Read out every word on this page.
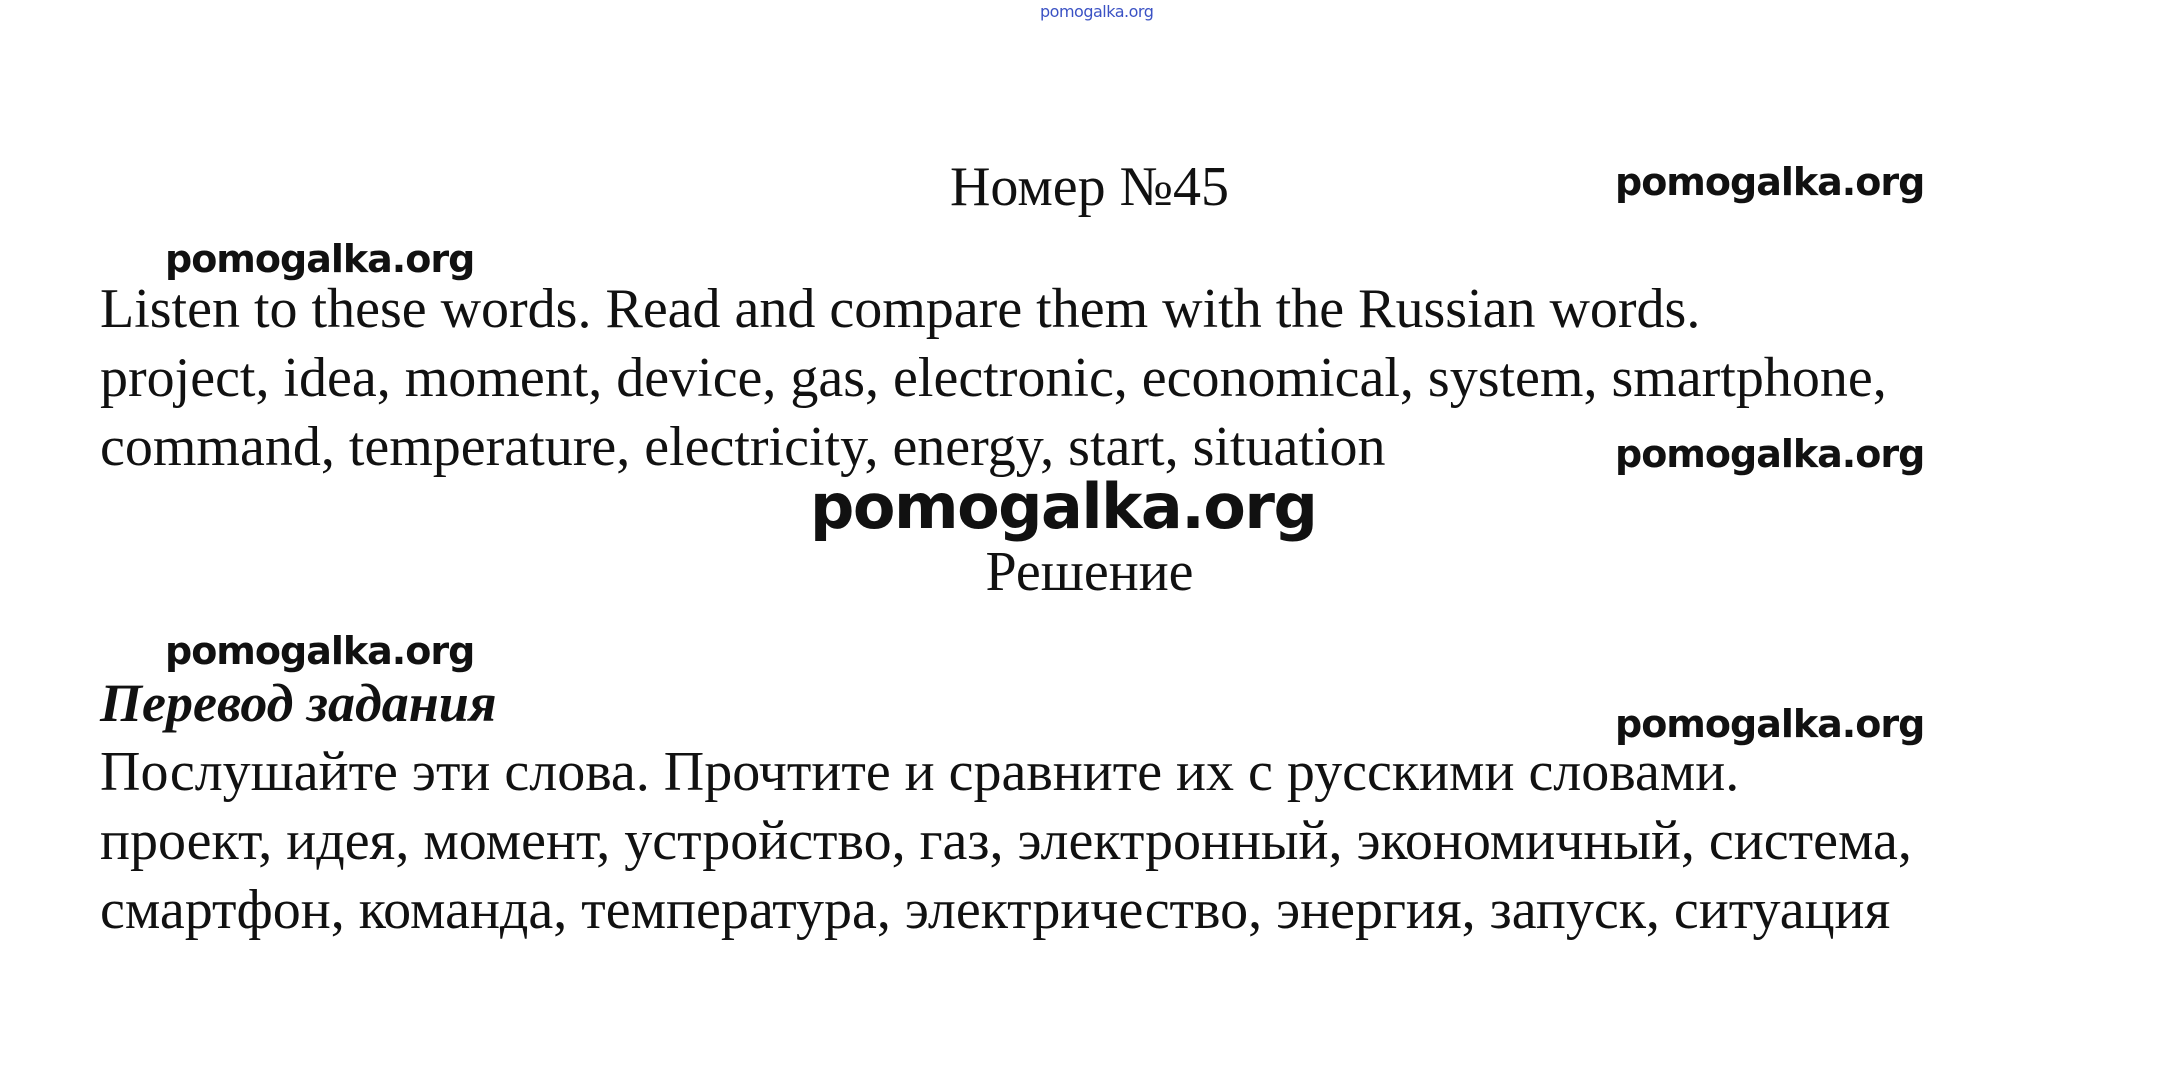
pomogalka.org
Номер №45	pomogalka.org
pomogalka.org
Listen to these words. Read and compare them with the Russian words.
project, idea, moment, device, gas, electronic, economical, system, smartphone,
command, temperature, electricity, energy, start, situation	pomogalka.org
pomogalka.org
Решение
pomogalka.org
Перевод задания	pomogalka.org
Послушайте эти слова. Прочтите и сравните их с русскими словами.
проект, идея, момент, устройство, газ, электронный, экономичный, система,
смартфон, команда, температура, электричество, энергия, запуск, ситуация
